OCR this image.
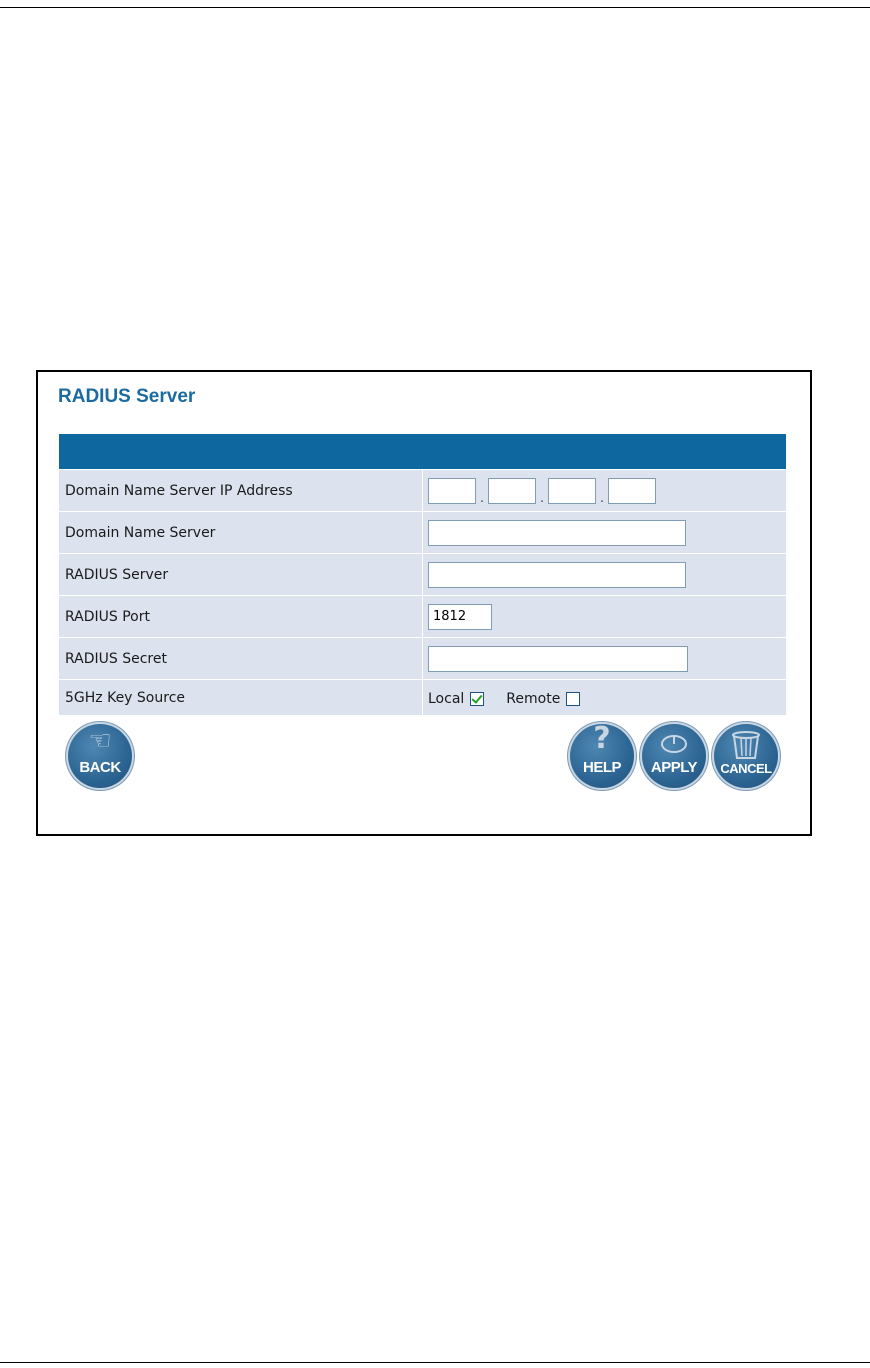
RADIUS Server

Domain Name Server IP Address	. . .
Domain Name Server	
RADIUS Server	
RADIUS Port	1812
RADIUS Secret	
5GHz Key Source	Local Remote
☜
BACK
?
HELP	APPLY	CANCEL
